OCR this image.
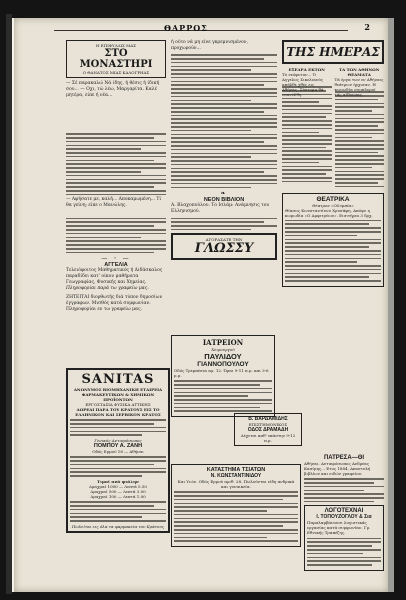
ΘΑΡΡΟΣ	2
Η ΕΠΙΦΥΛΛΙΣ ΜΑΣ
ΣΤΟ ΜΟΝΑΣΤΗΡΙ
Ο ΘΑΝΑΤΟΣ ΜΙΑΣ ΚΑΛΟΓΡΗΑΣ
— Σέ παρακαλώ Νά ίδης, ή θέσις ή ίδική σου... — Οχι, τώ λέω, Μαργαρίτα. Καλέ μητέρα, είπε ή νέα...
— Αφήσατε με, καλή... Αποκαμωμένη... Τί θα γείνη; είπε ο Μανώλης.
— ◦ —
ΑΓΓΕΛΙΑ
Τελειόφοιτος Μαθηματικός ή Διδάσκαλος παραδίδει κατ' οίκον μαθήματα Γεωγραφίας, Φυσικής και Χημείας.
Πληροφορίαι παρά τω γραφείω μας.
ΖΗΤΕΙΤΑΙ διορθωτής διά τύπον δημοσίων έγγραφων. Μισθός κατά συμφωνίαν. Πληροφορίαι εν τω γραφείω μας.
ή ούτο νά μη είνε γκρεμνισμένον, προχωρούν...
❧
ΝΕΟΝ ΒΙΒΛΙΟΝ
Α. Βλαχοπούλου. Το Ισλάμ: Ανάμνησις του Ελληνισμού.
ΑΓΟΡΑΣΑΤΕ ΤΗΝ
ΓΛΩΣΣΥ
ΤΗΣ ΗΜΕΡΑΣ
ΕΞΕΔΡΑ ΕΚΤΩΝ
Τό νεόφυτον... Ό Αγγελος Σικελιανός απήλθε χθές εις Αθήνας. Σύντομα θά επανέλθη.
ΤΑ ΤΩΝ ΑΘΗΝΩΝ ΘΕΑΜΑΤΑ
Τά έργα των εν Αθήναις θεάτρων ήρχισαν. Η κωμωδία συμπληροί τάς αίθουσας.
ΘΕΑΤΡΙΚΑ
Θέατρον «Ολυμπία»
Θίασος Κωνσταντίνου Χρυσάφη. Απόψε η κωμωδία «Ο Αμφιτρύων». Εισιτήρια 3 δρχ.
ΙΑΤΡΕΙΟΝ
Χειρουργού
ΠΑΥΛΙΔΟΥ
ΓΙΑΝΝΟΠΟΥΛΟΥ
Οδός Τρεμπέσια αρ. 12. Ώραι 9-11 π.μ. και 3-6 μ.μ.
Β. ΒΑΡΔΑΜΙΔΗΣ
ΕΠΙΣΤΗΜΟΝΙΚΟΣ
ΟΔΟΣ ΔΡΑΜΑΔΗ
Δέχεται καθ' εκάστην 9-12 π.μ.
ΚΑΤΑΣΤΗΜΑ ΤΣΙΑΤΩΝ
Ν. ΚΩΝΣΤΑΝΤΙΝΙΔΟΥ
Και Υιών. Οδός Ερμού αριθ. 28. Πωλούνται είδη ανδρικά και γυναικεία.
ΠΑΤΡΕΣΑ—ΘΙ
Αθήναι. Αντιπρόσωπος Ανδρέας Κασίμης... Ετος 1884. Αποστολή βιβλίων και ειδών γραφείου.
ΛΟΓΟΤΕΧΝΑΙ
Ι. ΤΟΠΟΥΖΟΓΛΟΥ & Σια
Παραλαμβάνουσι λογιστικάς εργασίας κατά συμφωνίαν. Γρ. Εθνικής Τραπέζης.
SANITAS
ΑΝΩΝΥΜΟΣ ΒΙΟΜΗΧΑΝΙΚΗ ΕΤΑΙΡΕΙΑ
ΦΑΡΜΑΚΕΥΤΙΚΩΝ & ΧΗΜΙΚΩΝ ΠΡΟΪΟΝΤΩΝ
ΕΡΓΟΣΤΑΣΙΑ ΦΥΣΙΚΑ ΑΤΤΙΚΗΣ
ΔΩΡΕΑΙ ΠΑΡΑ ΤΟΥ ΚΡΑΤΟΥΣ ΕΙΣ ΤΟ
ΕΛΛΗΝΙΚΟΝ ΚΑΙ ΣΕΡΒΙΚΟΝ ΚΡΑΤΟΣ
Γενικός Αντιπρόσωπος
ΠΟΜΠΟΥ Α. ΖΑΝΗ
Οδός Ερμού 18 — Αθήναι
Τιμαί ανά φιάλην
Δραχμαί 1000 — Λεπτά 5.50
Δραχμαί 500 — Λεπτά 3.00
Δραχμαί 100 — Λεπτά 1.00
Πωλείται εις όλα τα φαρμακεία του Κράτους
